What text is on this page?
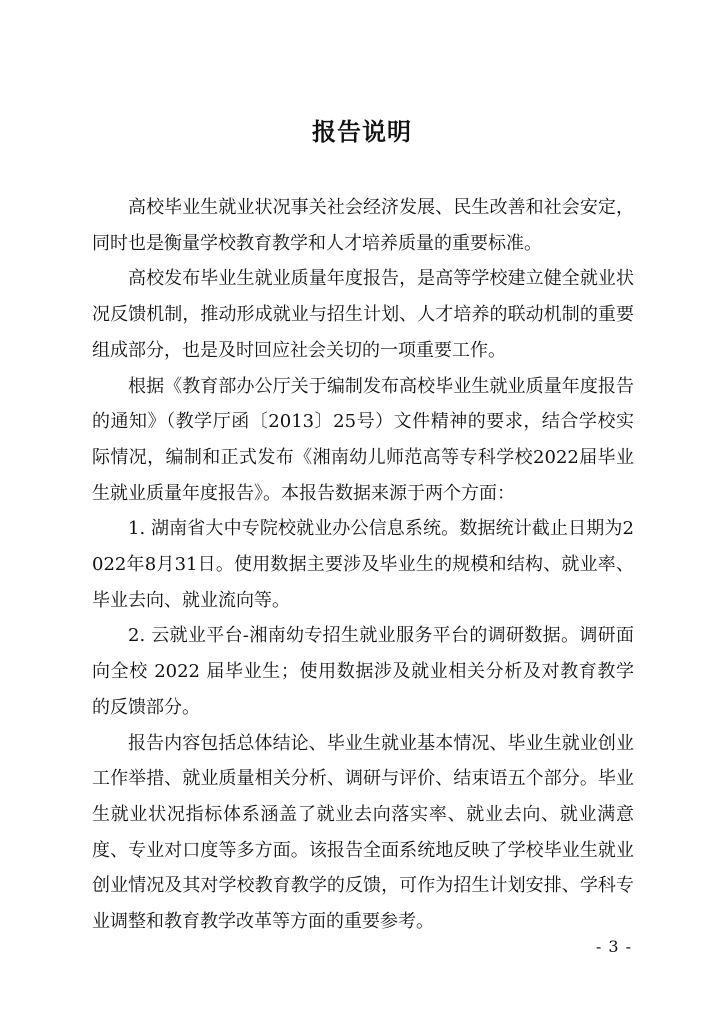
报告说明

高校毕业生就业状况事关社会经济发展、民生改善和社会安定，同时也是衡量学校教育教学和人才培养质量的重要标准。

高校发布毕业生就业质量年度报告，是高等学校建立健全就业状况反馈机制，推动形成就业与招生计划、人才培养的联动机制的重要组成部分，也是及时回应社会关切的一项重要工作。

根据《教育部办公厅关于编制发布高校毕业生就业质量年度报告的通知》（教学厅函〔2013〕25号）文件精神的要求，结合学校实际情况，编制和正式发布《湘南幼儿师范高等专科学校2022届毕业生就业质量年度报告》。本报告数据来源于两个方面：

1. 湖南省大中专院校就业办公信息系统。数据统计截止日期为2022年8月31日。使用数据主要涉及毕业生的规模和结构、就业率、毕业去向、就业流向等。

2. 云就业平台-湘南幼专招生就业服务平台的调研数据。调研面向全校 2022 届毕业生；使用数据涉及就业相关分析及对教育教学的反馈部分。

报告内容包括总体结论、毕业生就业基本情况、毕业生就业创业工作举措、就业质量相关分析、调研与评价、结束语五个部分。毕业生就业状况指标体系涵盖了就业去向落实率、就业去向、就业满意度、专业对口度等多方面。该报告全面系统地反映了学校毕业生就业创业情况及其对学校教育教学的反馈，可作为招生计划安排、学科专业调整和教育教学改革等方面的重要参考。

- 3 -
